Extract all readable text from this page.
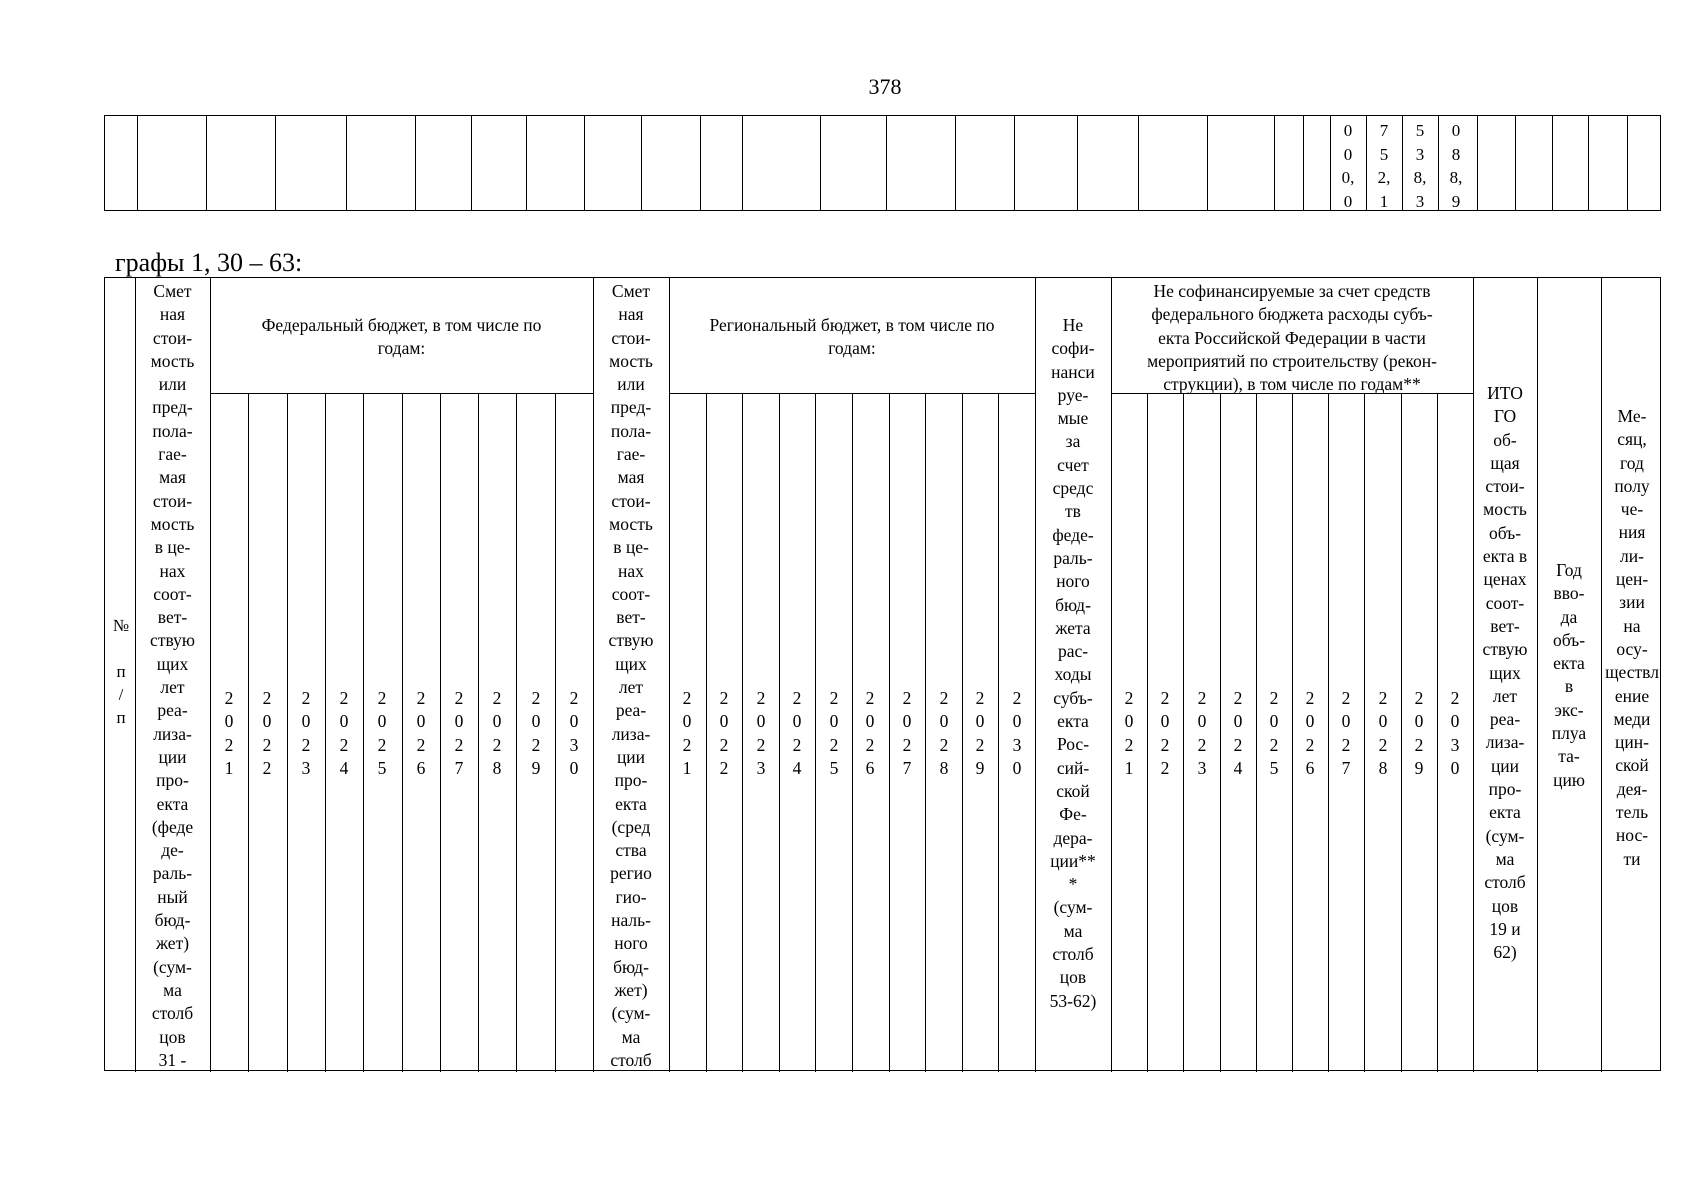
378
0
0
0,
0
7
5
2,
1
5
3
8,
3
0
8
8,
9
графы 1, 30 – 63:
№

п
/
п
Смет
ная
стои-
мость
или
пред-
пола-
гае-
мая
стои-
мость
в це-
нах
соот-
вет-
ствую
щих
лет
реа-
лиза-
ции
про-
екта
(феде
де-
раль-
ный
бюд-
жет)
(сум-
ма
столб
цов
31 -
Федеральный бюджет, в том числе по
годам:
Смет
ная
стои-
мость
или
пред-
пола-
гае-
мая
стои-
мость
в це-
нах
соот-
вет-
ствую
щих
лет
реа-
лиза-
ции
про-
екта
(сред
ства
регио
гио-
наль-
ного
бюд-
жет)
(сум-
ма
столб
Региональный бюджет, в том числе по
годам:
Не
софи-
нанси
руе-
мые
за
счет
средс
тв
феде-
раль-
ного
бюд-
жета
рас-
ходы
субъ-
екта
Рос-
сий-
ской
Фе-
дера-
ции**
*
(сум-
ма
столб
цов
53-62)
Не софинансируемые за счет средств
федерального бюджета расходы субъ-
екта Российской Федерации в части
мероприятий по строительству (рекон-
струкции), в том числе по годам**	ИТО
ГО
об-
щая
стои-
мость
объ-
екта в
ценах
соот-
вет-
ствую
щих
лет
реа-
лиза-
ции
про-
екта
(сум-
ма
столб
цов
19 и
62)
Год
вво-
да
объ-
екта
в
экс-
плуа
та-
цию
Ме-
сяц,
год
полу
че-
ния
ли-
цен-
зии
на
осу-
ществл
ение
меди
цин-
ской
дея-
тель
нос-
ти
2
0
2
1
2
0
2
2
2
0
2
3
2
0
2
4
2
0
2
5
2
0
2
6
2
0
2
7
2
0
2
8
2
0
2
9
2
0
3
0
2
0
2
1
2
0
2
2
2
0
2
3
2
0
2
4
2
0
2
5
2
0
2
6
2
0
2
7
2
0
2
8
2
0
2
9
2
0
3
0
2
0
2
1
2
0
2
2
2
0
2
3
2
0
2
4
2
0
2
5
2
0
2
6
2
0
2
7
2
0
2
8
2
0
2
9
2
0
3
0
